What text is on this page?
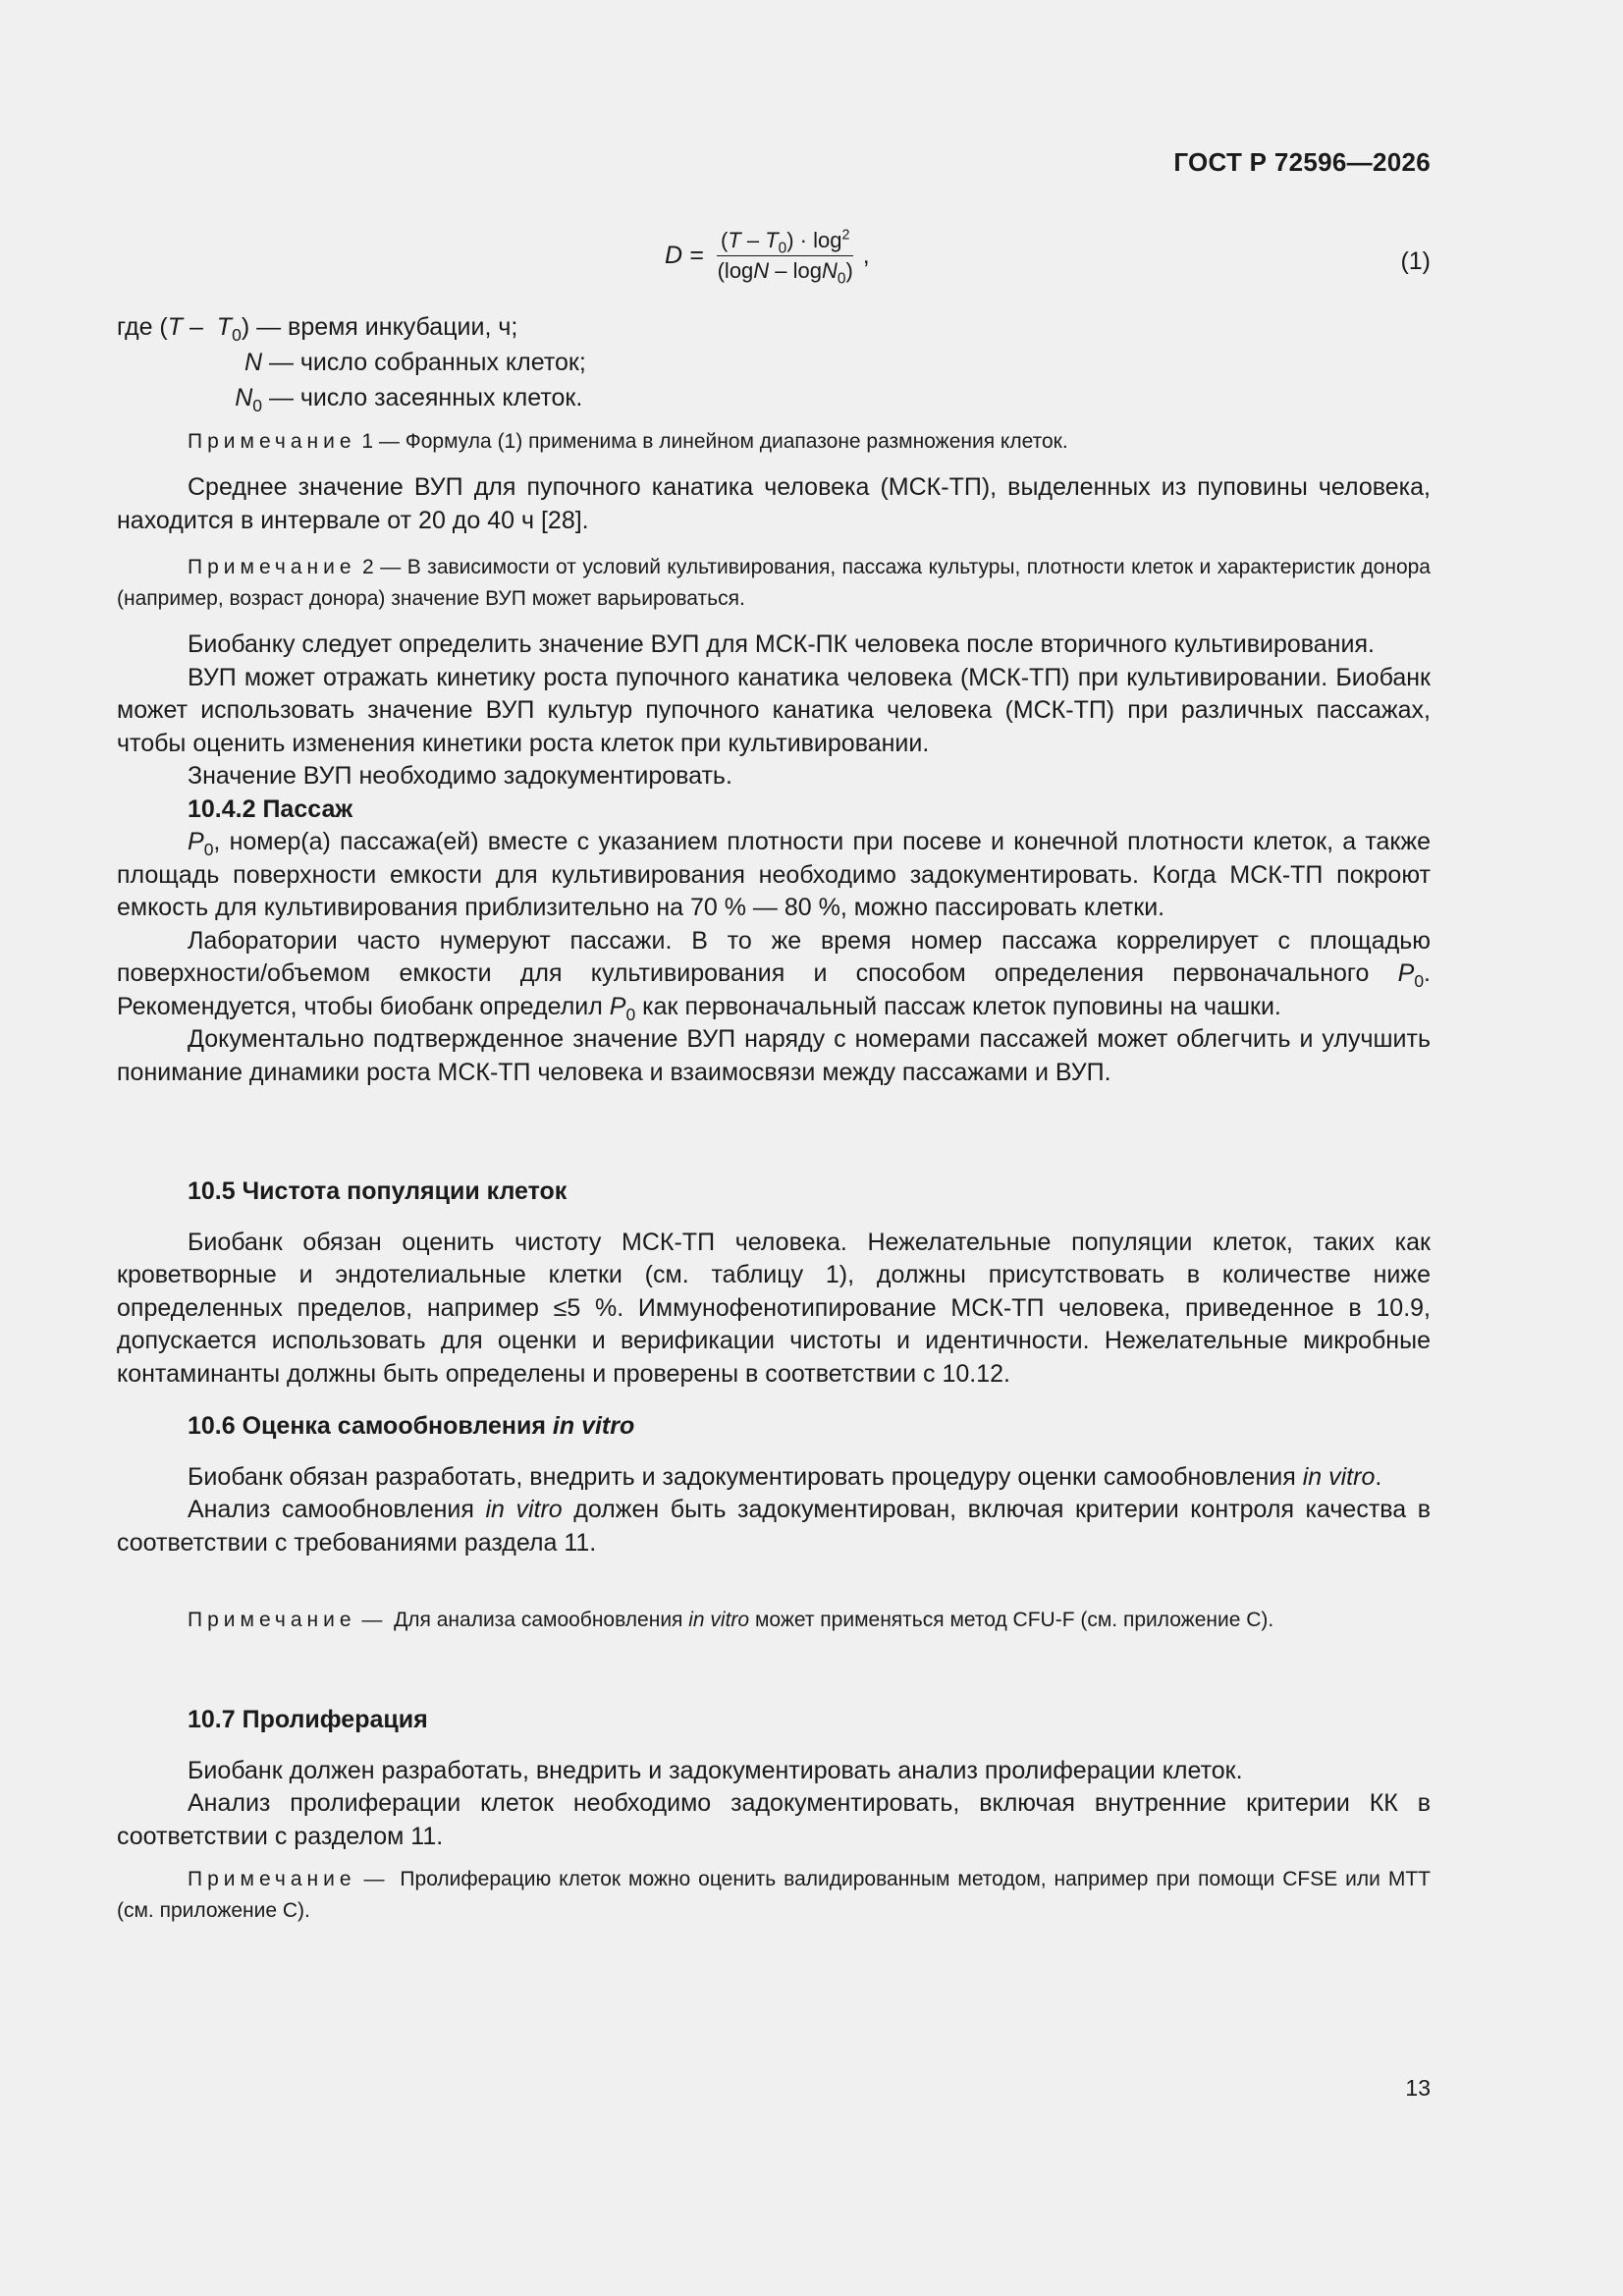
ГОСТ Р 72596—2026
$D = \frac{(T - T_0) \cdot \log^2}{(\log N - \log N_0)}$ ,	(1)
где $(T - T_0)$ — время инкубации, ч;
N — число собранных клеток;
$N_0$ — число засеянных клеток.
Примечание 1 — Формула (1) применима в линейном диапазоне размножения клеток.

Среднее значение ВУП для пупочного канатика человека (МСК-ТП), выделенных из пуповины человека, находится в интервале от 20 до 40 ч [28].

Примечание 2 — В зависимости от условий культивирования, пассажа культуры, плотности клеток и характеристик донора (например, возраст донора) значение ВУП может варьироваться.

Биобанку следует определить значение ВУП для МСК-ПК человека после вторичного культивирования.

ВУП может отражать кинетику роста пупочного канатика человека (МСК-ТП) при культивировании. Биобанк может использовать значение ВУП культур пупочного канатика человека (МСК-ТП) при различных пассажах, чтобы оценить изменения кинетики роста клеток при культивировании.

Значение ВУП необходимо задокументировать.

10.4.2 Пассаж

$P_0$, номер(а) пассажа(ей) вместе с указанием плотности при посеве и конечной плотности клеток, а также площадь поверхности емкости для культивирования необходимо задокументировать. Когда МСК-ТП покроют емкость для культивирования приблизительно на 70 % — 80 %, можно пассировать клетки.

Лаборатории часто нумеруют пассажи. В то же время номер пассажа коррелирует с площадью поверхности/объемом емкости для культивирования и способом определения первоначального $P_0$. Рекомендуется, чтобы биобанк определил $P_0$ как первоначальный пассаж клеток пуповины на чашки.

Документально подтвержденное значение ВУП наряду с номерами пассажей может облегчить и улучшить понимание динамики роста МСК-ТП человека и взаимосвязи между пассажами и ВУП.

10.5 Чистота популяции клеток

Биобанк обязан оценить чистоту МСК-ТП человека. Нежелательные популяции клеток, таких как кроветворные и эндотелиальные клетки (см. таблицу 1), должны присутствовать в количестве ниже определенных пределов, например ≤5 %. Иммунофенотипирование МСК-ТП человека, приведенное в 10.9, допускается использовать для оценки и верификации чистоты и идентичности. Нежелательные микробные контаминанты должны быть определены и проверены в соответствии с 10.12.

10.6 Оценка самообновления in vitro

Биобанк обязан разработать, внедрить и задокументировать процедуру оценки самообновления in vitro.

Анализ самообновления in vitro должен быть задокументирован, включая критерии контроля качества в соответствии с требованиями раздела 11.

Примечание —  Для анализа самообновления in vitro может применяться метод CFU-F (см. приложение С).
10.7 Пролиферация

Биобанк должен разработать, внедрить и задокументировать анализ пролиферации клеток.

Анализ пролиферации клеток необходимо задокументировать, включая внутренние критерии КК в соответствии с разделом 11.

Примечание —  Пролиферацию клеток можно оценить валидированным методом, например при помощи CFSE или МТТ (см. приложение С).
13
